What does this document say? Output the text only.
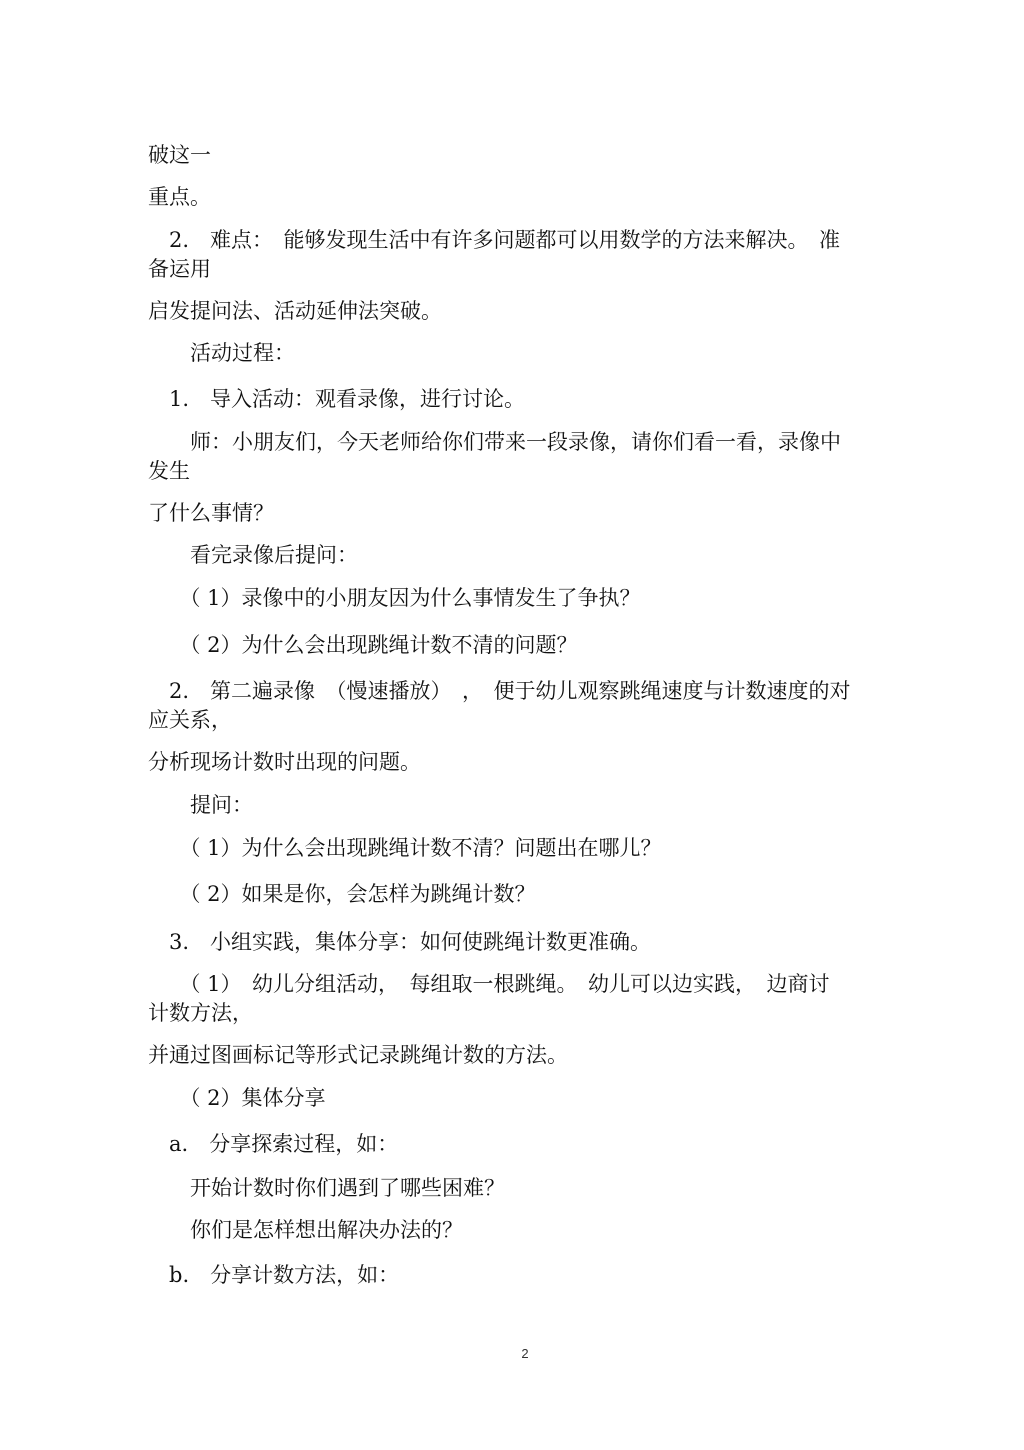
破这一

重点。

　2.　难点：　能够发现生活中有许多问题都可以用数学的方法来解决。　准

备运用

启发提问法、活动延伸法突破。

　　活动过程：

　1.　导入活动：观看录像，进行讨论。

　　师：小朋友们，今天老师给你们带来一段录像，请你们看一看，录像中

发生

了什么事情？

　　看完录像后提问：

　　（ 1）录像中的小朋友因为什么事情发生了争执？

　　（ 2）为什么会出现跳绳计数不清的问题？

　2.　第二遍录像　（慢速播放）　，　便于幼儿观察跳绳速度与计数速度的对

应关系，

分析现场计数时出现的问题。

　　提问：

　　（ 1）为什么会出现跳绳计数不清？问题出在哪儿？

　　（ 2）如果是你，会怎样为跳绳计数？

　3.　小组实践，集体分享：如何使跳绳计数更准确。

　　（ 1）　幼儿分组活动，　每组取一根跳绳。　幼儿可以边实践，　边商讨

计数方法，

并通过图画标记等形式记录跳绳计数的方法。

　　（ 2）集体分享

　a.　分享探索过程，如：

　　开始计数时你们遇到了哪些困难？

　　你们是怎样想出解决办法的？

　b.　分享计数方法，如：

2
